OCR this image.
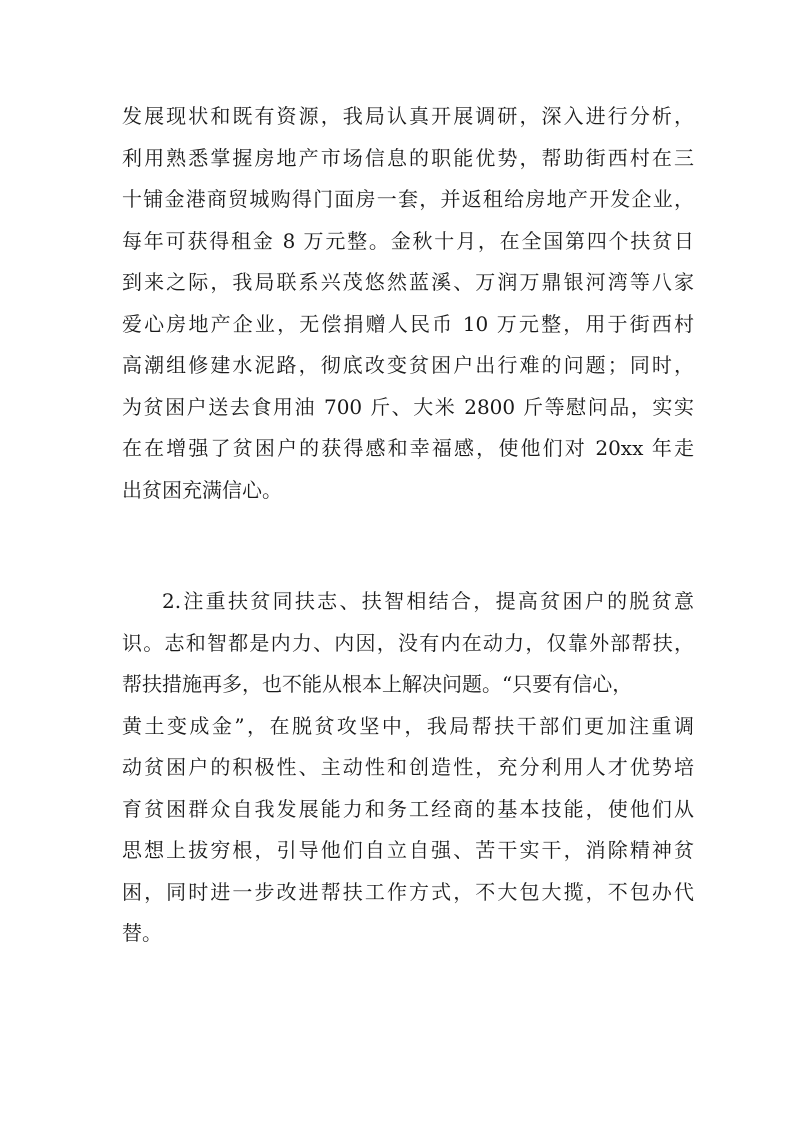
发展现状和既有资源，我局认真开展调研，深入进行分析，
利用熟悉掌握房地产市场信息的职能优势，帮助街西村在三
十铺金港商贸城购得门面房一套，并返租给房地产开发企业，
每年可获得租金 8 万元整。金秋十月，在全国第四个扶贫日
到来之际，我局联系兴茂悠然蓝溪、万润万鼎银河湾等八家
爱心房地产企业，无偿捐赠人民币 10 万元整，用于街西村
高潮组修建水泥路，彻底改变贫困户出行难的问题；同时，
为贫困户送去食用油 700 斤、大米 2800 斤等慰问品，实实
在在增强了贫困户的获得感和幸福感，使他们对 20xx 年走
出贫困充满信心。
2.注重扶贫同扶志、扶智相结合，提高贫困户的脱贫意
识。志和智都是内力、内因，没有内在动力，仅靠外部帮扶，
帮扶措施再多，也不能从根本上解决问题。“只要有信心，
黄土变成金”，在脱贫攻坚中，我局帮扶干部们更加注重调
动贫困户的积极性、主动性和创造性，充分利用人才优势培
育贫困群众自我发展能力和务工经商的基本技能，使他们从
思想上拔穷根，引导他们自立自强、苦干实干，消除精神贫
困，同时进一步改进帮扶工作方式，不大包大揽，不包办代
替。
